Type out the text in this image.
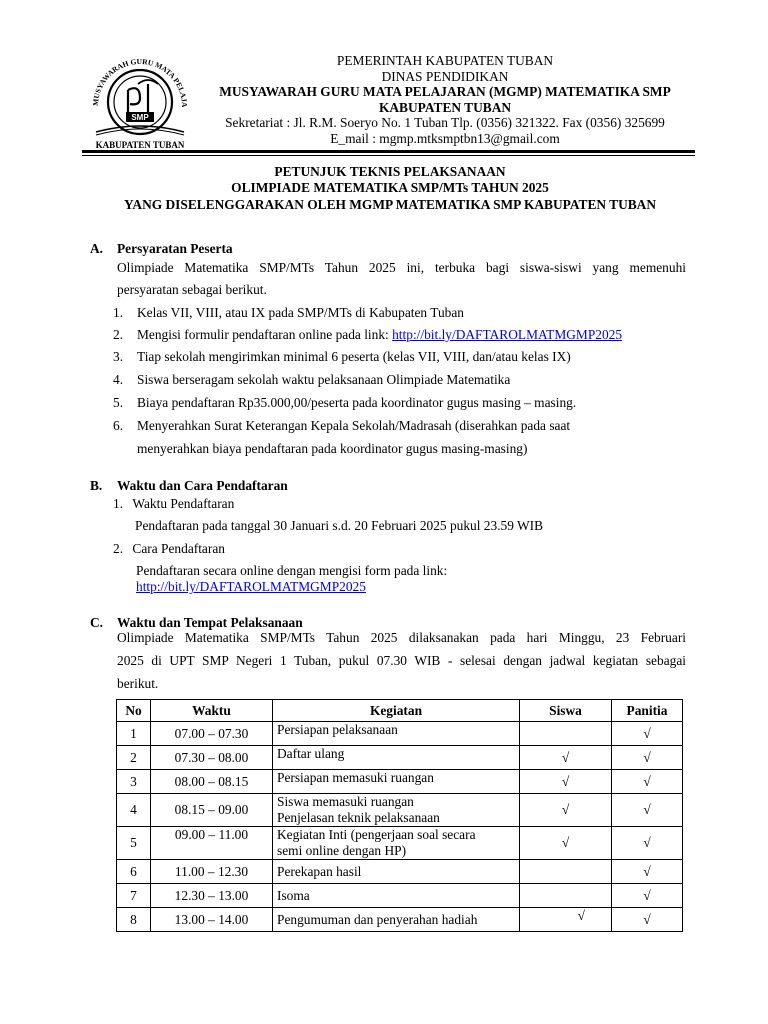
MUSYAWARAH GURU MATA PELAJA
SMP
KABUPATEN TUBAN
PEMERINTAH KABUPATEN TUBAN
DINAS PENDIDIKAN
MUSYAWARAH GURU MATA PELAJARAN (MGMP) MATEMATIKA SMP
KABUPATEN TUBAN
Sekretariat : Jl. R.M. Soeryo No. 1 Tuban Tlp. (0356) 321322. Fax (0356) 325699
E_mail : mgmp.mtksmptbn13@gmail.com
PETUNJUK TEKNIS PELAKSANAAN
OLIMPIADE MATEMATIKA SMP/MTs TAHUN 2025
YANG DISELENGGARAKAN OLEH MGMP MATEMATIKA SMP KABUPATEN TUBAN
A. Persyaratan Peserta
Olimpiade Matematika SMP/MTs Tahun 2025 ini, terbuka bagi siswa-siswi yang memenuhi
persyaratan sebagai berikut.
1. Kelas VII, VIII, atau IX pada SMP/MTs di Kabupaten Tuban
2. Mengisi formulir pendaftaran online pada link: http://bit.ly/DAFTAROLMATMGMP2025
3. Tiap sekolah mengirimkan minimal 6 peserta (kelas VII, VIII, dan/atau kelas IX)
4. Siswa berseragam sekolah waktu pelaksanaan Olimpiade Matematika
5. Biaya pendaftaran Rp35.000,00/peserta pada koordinator gugus masing – masing.
6. Menyerahkan Surat Keterangan Kepala Sekolah/Madrasah (diserahkan pada saat
menyerahkan biaya pendaftaran pada koordinator gugus masing-masing)
B. Waktu dan Cara Pendaftaran
1. Waktu Pendaftaran
Pendaftaran pada tanggal 30 Januari s.d. 20 Februari 2025 pukul 23.59 WIB
2. Cara Pendaftaran
Pendaftaran secara online dengan mengisi form pada link:
http://bit.ly/DAFTAROLMATMGMP2025
C. Waktu dan Tempat Pelaksanaan
Olimpiade Matematika SMP/MTs Tahun 2025 dilaksanakan pada hari Minggu, 23 Februari
2025 di UPT SMP Negeri 1 Tuban, pukul 07.30 WIB - selesai dengan jadwal kegiatan sebagai
berikut.
No	Waktu	Kegiatan	Siswa	Panitia
1	07.00 – 07.30	Persiapan pelaksanaan		√
2	07.30 – 08.00	Daftar ulang	√	√
3	08.00 – 08.15	Persiapan memasuki ruangan	√	√
4	08.15 – 09.00	Siswa memasuki ruangan
Penjelasan teknik pelaksanaan	√	√
5	09.00 – 11.00	Kegiatan Inti (pengerjaan soal secara
semi online dengan HP)	√	√
6	11.00 – 12.30	Perekapan hasil		√
7	12.30 – 13.00	Isoma		√
8	13.00 – 14.00	Pengumuman dan penyerahan hadiah	√	√
